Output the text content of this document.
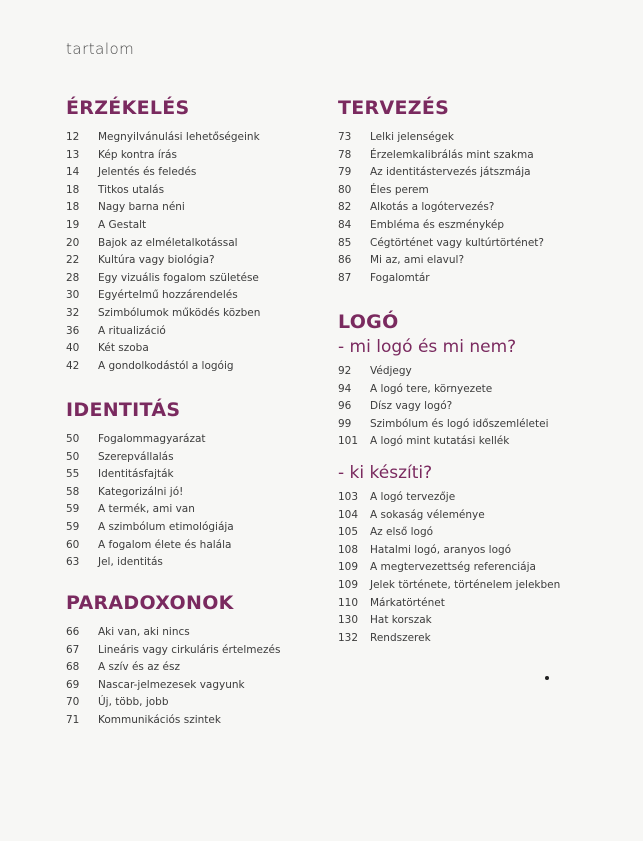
tartalom
ÉRZÉKELÉS
12	Megnyilvánulási lehetőségeink
13	Kép kontra írás
14	Jelentés és feledés
18	Titkos utalás
18	Nagy barna néni
19	A Gestalt
20	Bajok az elméletalkotással
22	Kultúra vagy biológia?
28	Egy vizuális fogalom születése
30	Egyértelmű hozzárendelés
32	Szimbólumok működés közben
36	A ritualizáció
40	Két szoba
42	A gondolkodástól a logóig
IDENTITÁS
50	Fogalommagyarázat
50	Szerepvállalás
55	Identitásfajták
58	Kategorizálni jó!
59	A termék, ami van
59	A szimbólum etimológiája
60	A fogalom élete és halála
63	Jel, identitás
PARADOXONOK
66	Aki van, aki nincs
67	Lineáris vagy cirkuláris értelmezés
68	A szív és az ész
69	Nascar-jelmezesek vagyunk
70	Új, több, jobb
71	Kommunikációs szintek
TERVEZÉS
73	Lelki jelenségek
78	Érzelemkalibrálás mint szakma
79	Az identitástervezés játszmája
80	Éles perem
82	Alkotás a logótervezés?
84	Embléma és eszménykép
85	Cégtörténet vagy kultúrtörténet?
86	Mi az, ami elavul?
87	Fogalomtár
LOGÓ
- mi logó és mi nem?
92	Védjegy
94	A logó tere, környezete
96	Dísz vagy logó?
99	Szimbólum és logó időszemléletei
101	A logó mint kutatási kellék
- ki készíti?
103	A logó tervezője
104	A sokaság véleménye
105	Az első logó
108	Hatalmi logó, aranyos logó
109	A megtervezettség referenciája
109	Jelek története, történelem jelekben
110	Márkatörténet
130	Hat korszak
132	Rendszerek
